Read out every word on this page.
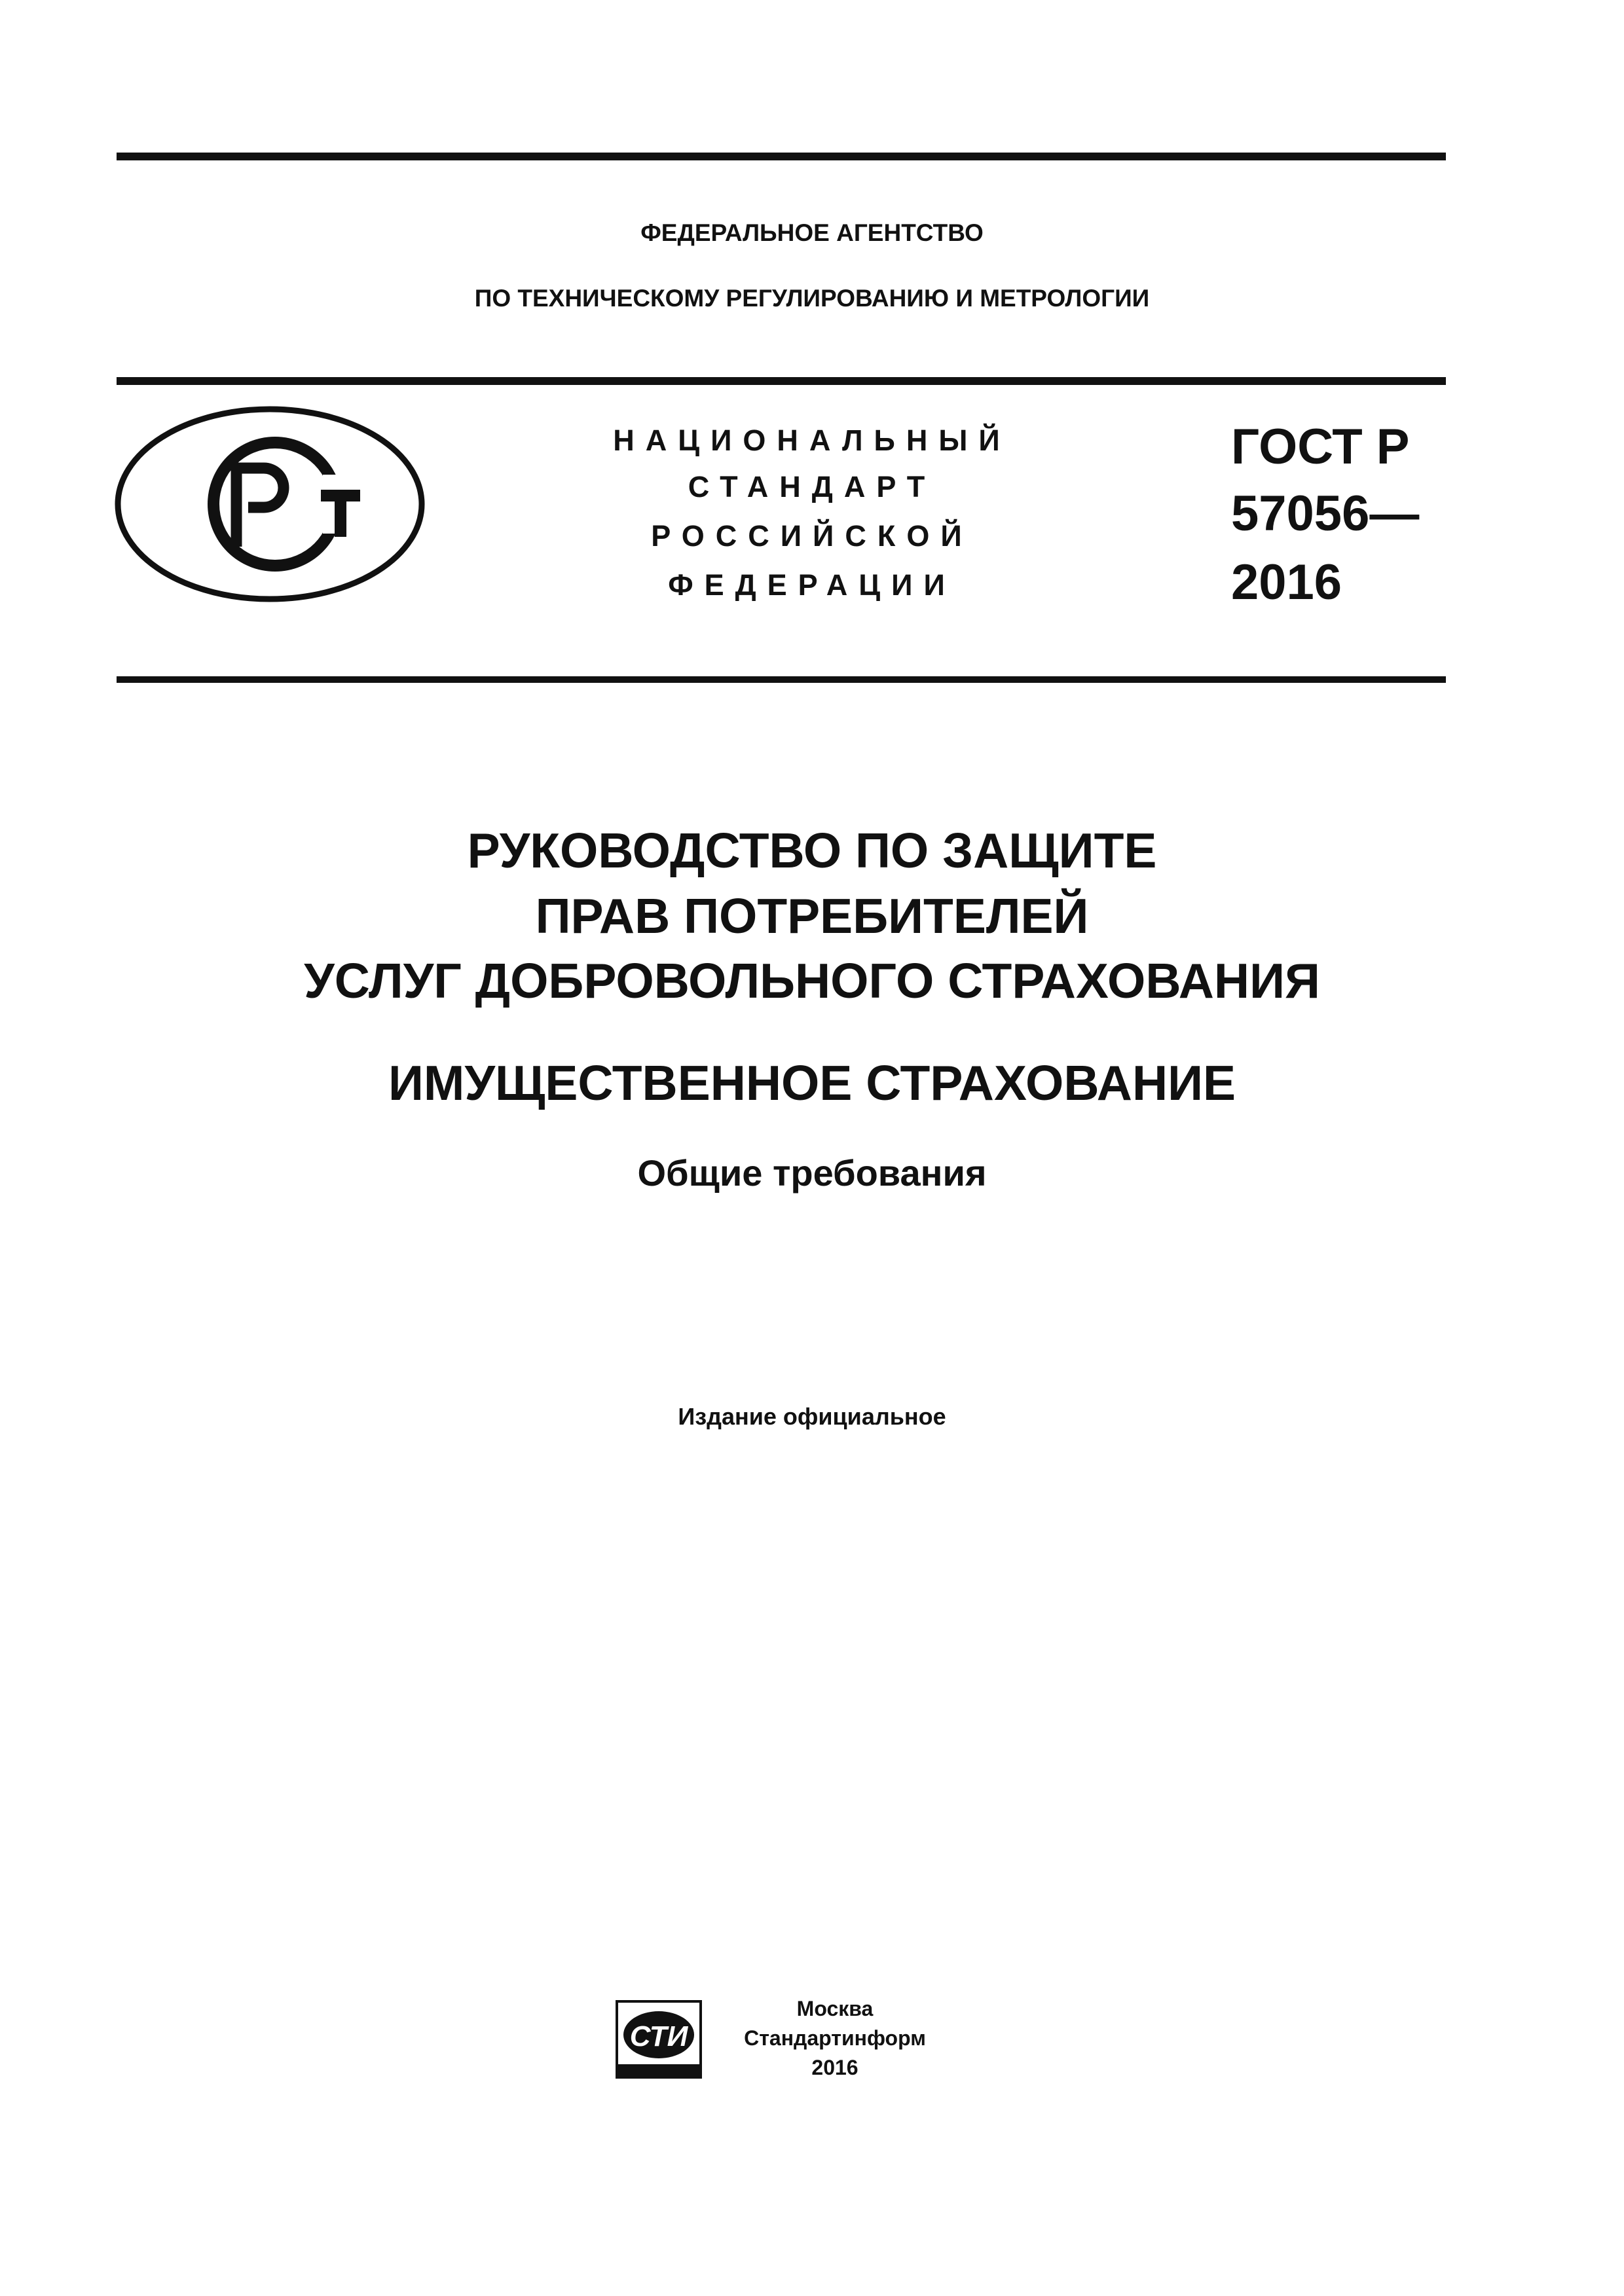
ФЕДЕРАЛЬНОЕ АГЕНТСТВО
ПО ТЕХНИЧЕСКОМУ РЕГУЛИРОВАНИЮ И МЕТРОЛОГИИ
НАЦИОНАЛЬНЫЙ
СТАНДАРТ
РОССИЙСКОЙ
ФЕДЕРАЦИИ
ГОСТ Р
57056—
2016
РУКОВОДСТВО ПО ЗАЩИТЕ
ПРАВ ПОТРЕБИТЕЛЕЙ
УСЛУГ ДОБРОВОЛЬНОГО СТРАХОВАНИЯ
ИМУЩЕСТВЕННОЕ СТРАХОВАНИЕ
Общие требования
Издание официальное
СТИ
Москва
Стандартинформ
2016
